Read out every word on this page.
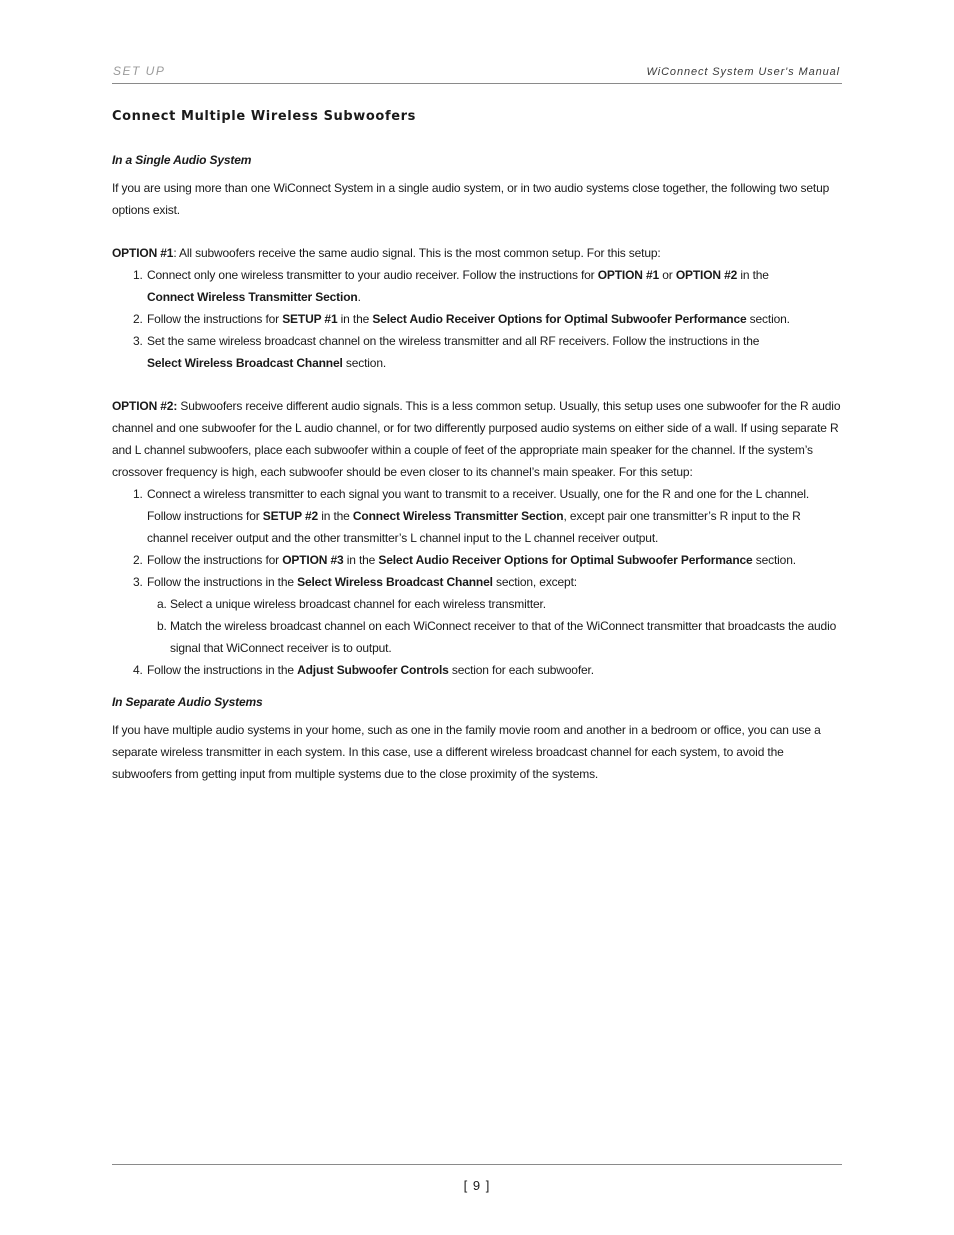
SET UP	WiConnect System User's Manual
Connect Multiple Wireless Subwoofers
In a Single Audio System

If you are using more than one WiConnect System in a single audio system, or in two audio systems close together, the following two setup options exist.

OPTION #1: All subwoofers receive the same audio signal. This is the most common setup. For this setup:

1. Connect only one wireless transmitter to your audio receiver. Follow the instructions for OPTION #1 or OPTION #2 in the
Connect Wireless Transmitter Section.
2. Follow the instructions for SETUP #1 in the Select Audio Receiver Options for Optimal Subwoofer Performance section.
3. Set the same wireless broadcast channel on the wireless transmitter and all RF receivers. Follow the instructions in the
Select Wireless Broadcast Channel section.

OPTION #2: Subwoofers receive different audio signals. This is a less common setup. Usually, this setup uses one subwoofer for the R audio channel and one subwoofer for the L audio channel, or for two differently purposed audio systems on either side of a wall. If using separate R and L channel subwoofers, place each subwoofer within a couple of feet of the appropriate main speaker for the channel. If the system’s crossover frequency is high, each subwoofer should be even closer to its channel’s main speaker. For this setup:

1. Connect a wireless transmitter to each signal you want to transmit to a receiver. Usually, one for the R and one for the L channel. Follow instructions for SETUP #2 in the Connect Wireless Transmitter Section, except pair one transmitter’s R input to the R channel receiver output and the other transmitter’s L channel input to the L channel receiver output.
2. Follow the instructions for OPTION #3 in the Select Audio Receiver Options for Optimal Subwoofer Performance section.
3. Follow the instructions in the Select Wireless Broadcast Channel section, except:
a. Select a unique wireless broadcast channel for each wireless transmitter.
b. Match the wireless broadcast channel on each WiConnect receiver to that of the WiConnect transmitter that broadcasts the audio signal that WiConnect receiver is to output.
4. Follow the instructions in the Adjust Subwoofer Controls section for each subwoofer.
In Separate Audio Systems

If you have multiple audio systems in your home, such as one in the family movie room and another in a bedroom or office, you can use a separate wireless transmitter in each system. In this case, use a different wireless broadcast channel for each system, to avoid the subwoofers from getting input from multiple systems due to the close proximity of the systems.

[ 9 ]
